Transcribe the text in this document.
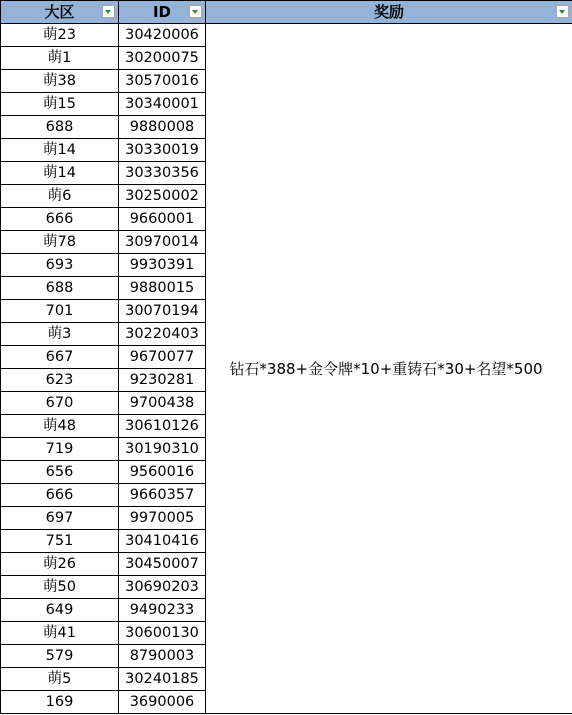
大区	ID	奖励

萌23	30420006	钻石*388+金令牌*10+重铸石*30+名望*500
萌1	30200075	
萌38	30570016	
萌15	30340001	
688	9880008	
萌14	30330019	
萌14	30330356	
萌6	30250002	
666	9660001	
萌78	30970014	
693	9930391	
688	9880015	
701	30070194	
萌3	30220403	
667	9670077	
623	9230281	
670	9700438	
萌48	30610126	
719	30190310	
656	9560016	
666	9660357	
697	9970005	
751	30410416	
萌26	30450007	
萌50	30690203	
649	9490233	
萌41	30600130	
579	8790003	
萌5	30240185	
169	3690006	
